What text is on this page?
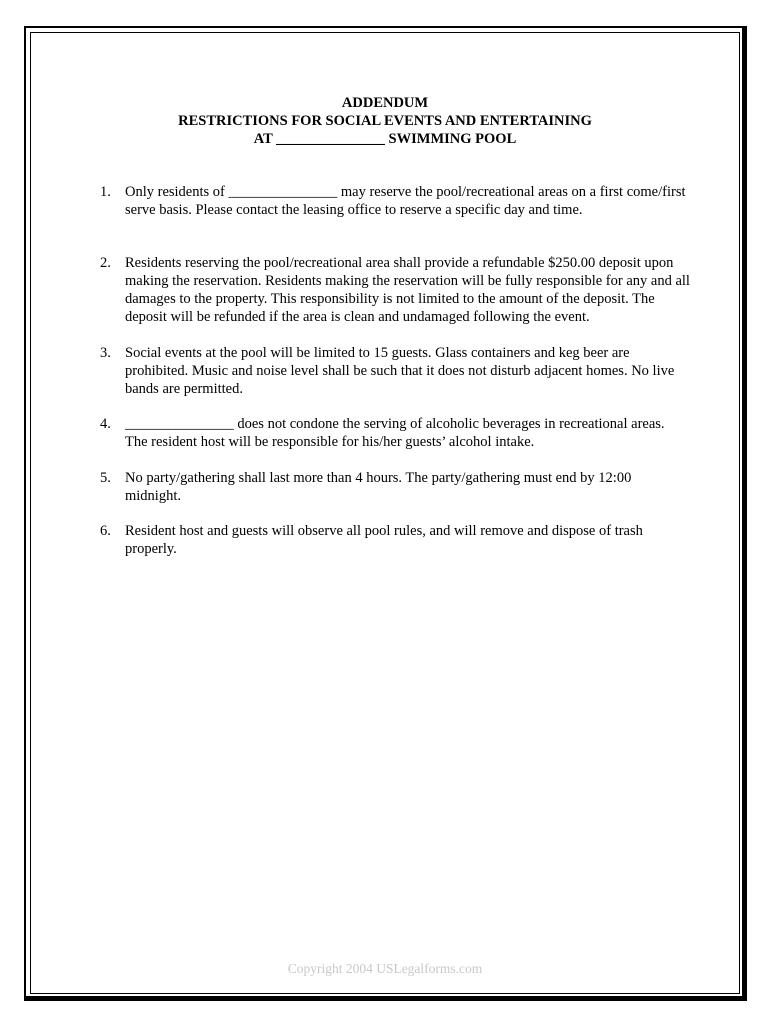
ADDENDUM
RESTRICTIONS FOR SOCIAL EVENTS AND ENTERTAINING
AT _______________ SWIMMING POOL
1. Only residents of _______________ may reserve the pool/recreational areas on a first come/first
serve basis. Please contact the leasing office to reserve a specific day and time.
2. Residents reserving the pool/recreational area shall provide a refundable $250.00 deposit upon
making the reservation. Residents making the reservation will be fully responsible for any and all
damages to the property. This responsibility is not limited to the amount of the deposit. The
deposit will be refunded if the area is clean and undamaged following the event.
3. Social events at the pool will be limited to 15 guests. Glass containers and keg beer are
prohibited. Music and noise level shall be such that it does not disturb adjacent homes. No live
bands are permitted.
4. _______________ does not condone the serving of alcoholic beverages in recreational areas.
The resident host will be responsible for his/her guests’ alcohol intake.
5. No party/gathering shall last more than 4 hours. The party/gathering must end by 12:00
midnight.
6. Resident host and guests will observe all pool rules, and will remove and dispose of trash
properly.
Copyright 2004 USLegalforms.com
